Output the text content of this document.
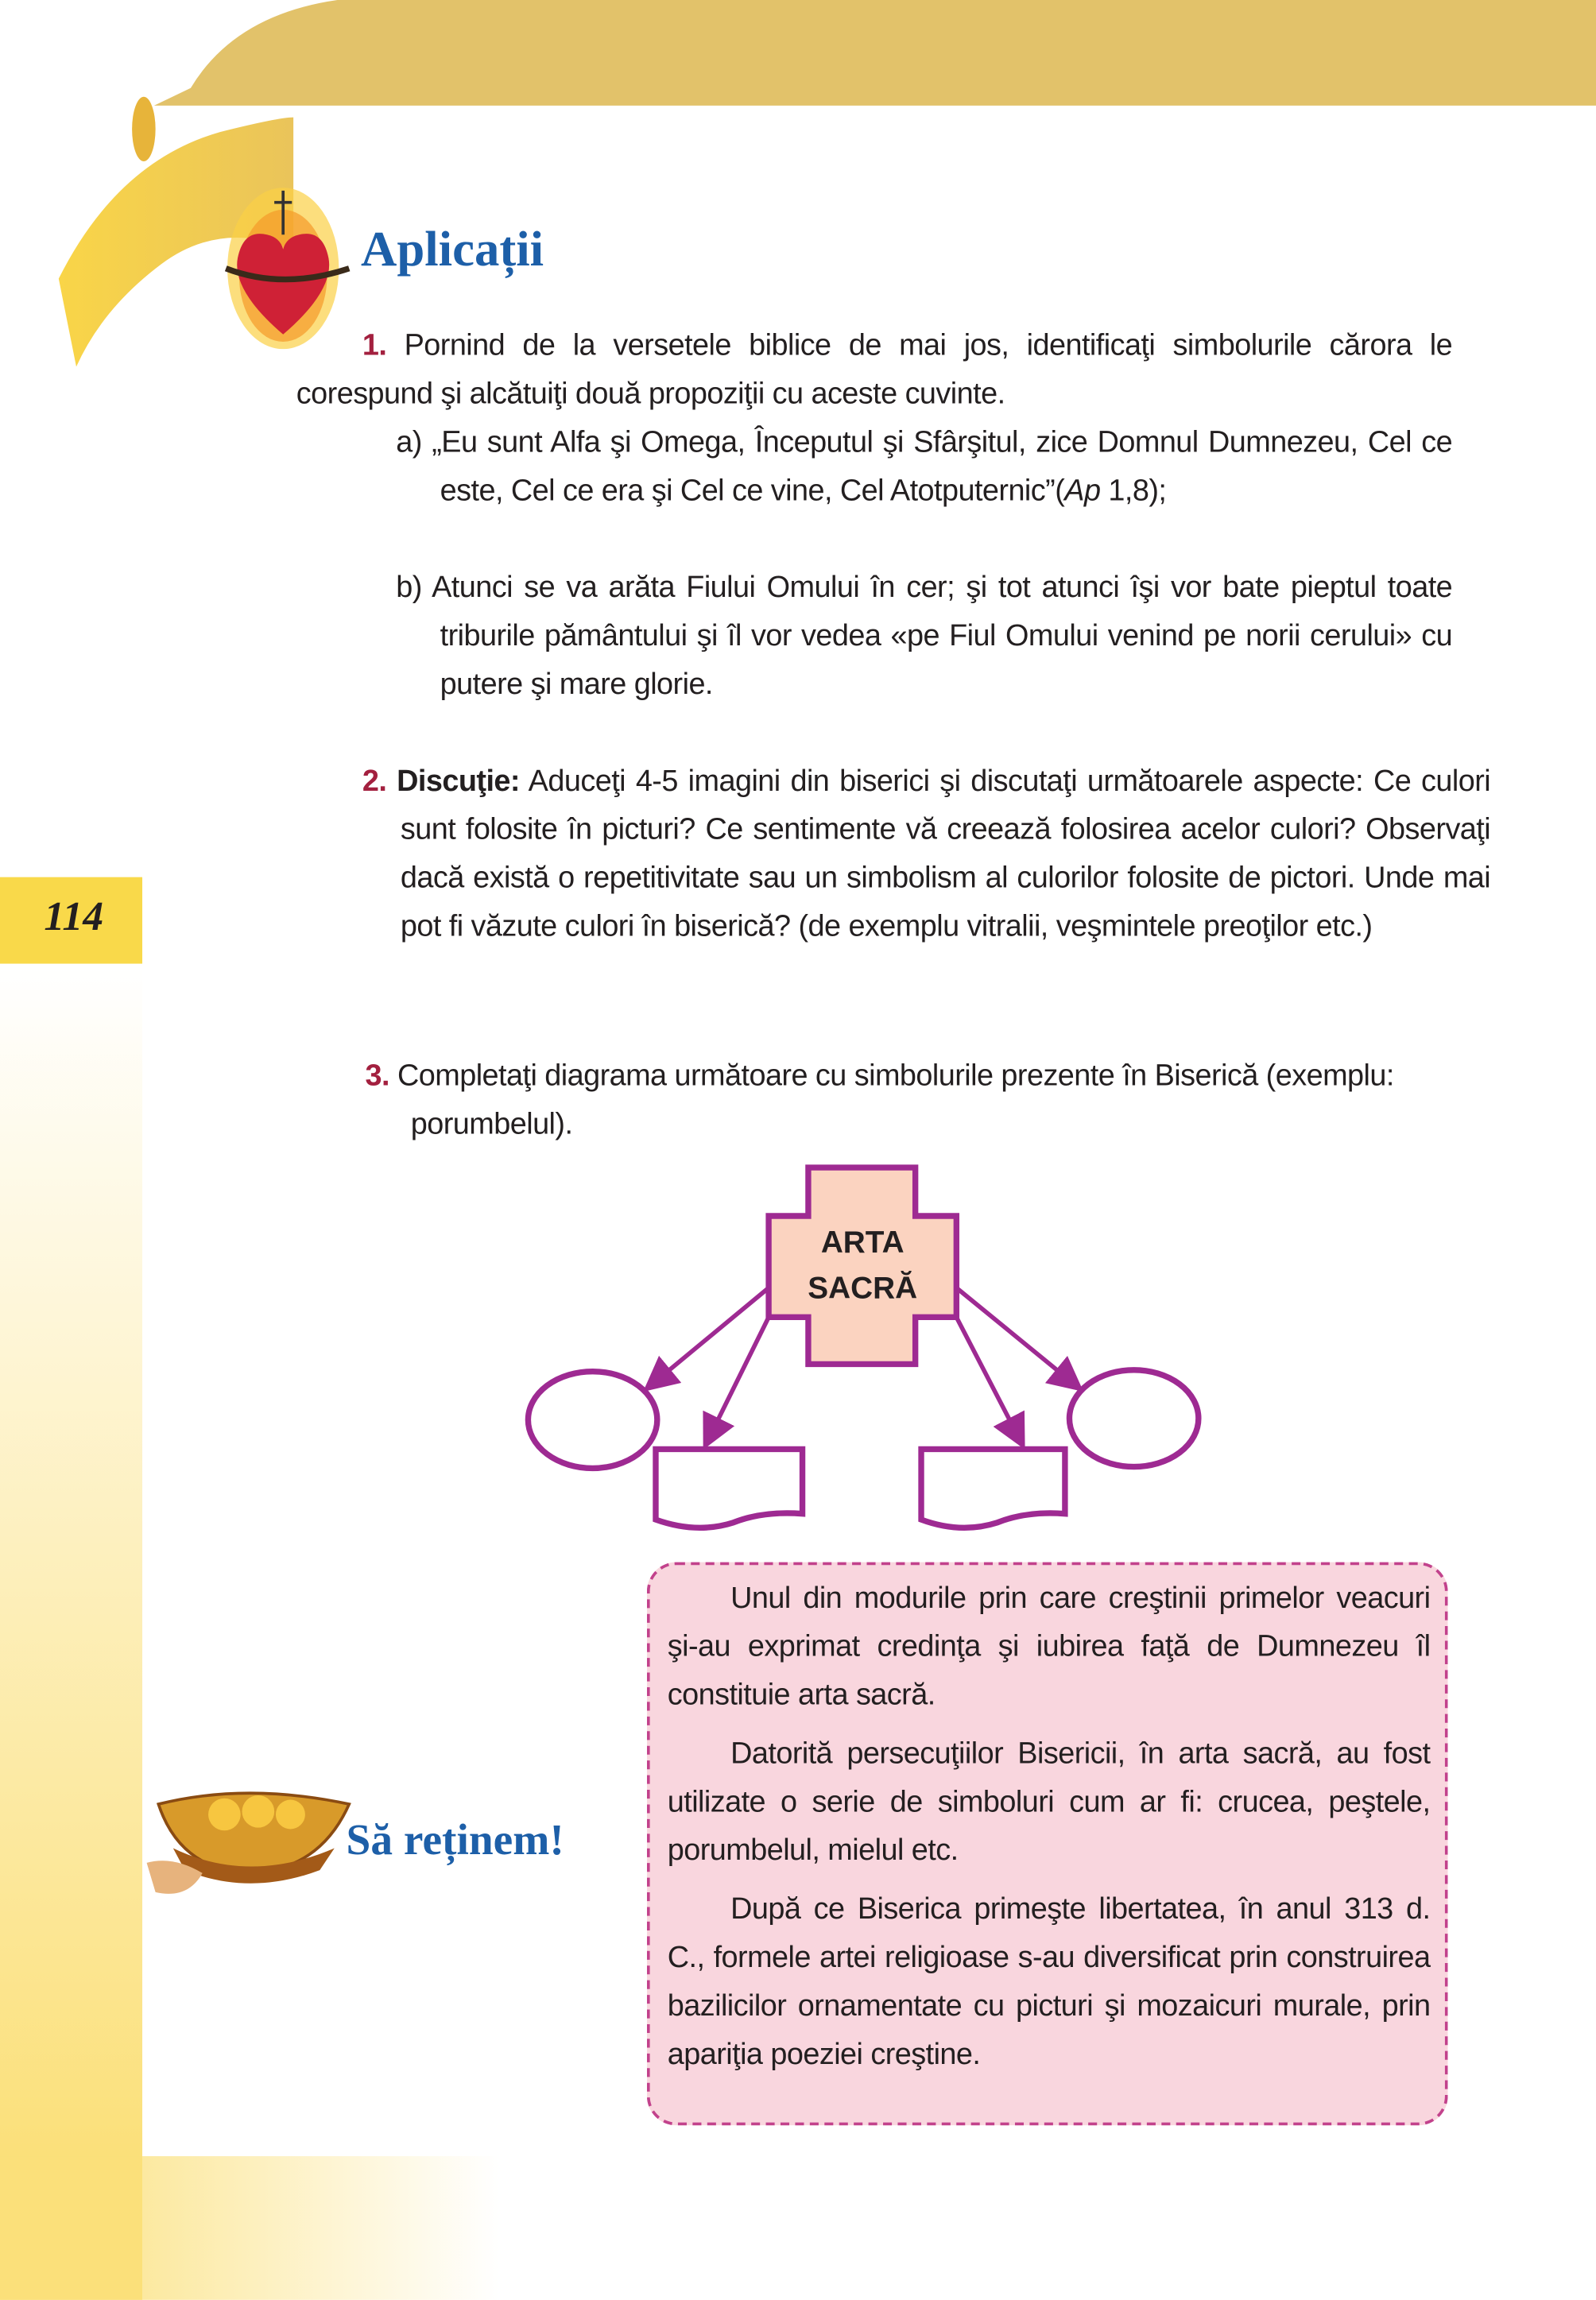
114
Aplicații
1. Pornind de la versetele biblice de mai jos, identificaţi simbolurile cărora le corespund şi alcătuiţi două propoziţii cu aceste cuvinte.
a) „Eu sunt Alfa şi Omega, Începutul şi Sfârşitul, zice Domnul Dumnezeu, Cel ce este, Cel ce era şi Cel ce vine, Cel Atotputernic”(Ap 1,8);
b) Atunci se va arăta Fiului Omului în cer; şi tot atunci îşi vor bate pieptul toate triburile pământului şi îl vor vedea «pe Fiul Omului venind pe norii cerului» cu putere şi mare glorie.
2. Discuţie: Aduceţi 4-5 imagini din biserici şi discutaţi următoarele aspecte: Ce culori sunt folosite în picturi? Ce sentimente vă creează folosirea acelor culori? Observaţi dacă există o repetitivitate sau un simbolism al culorilor folosite de pictori. Unde mai pot fi văzute culori în biserică? (de exemplu vitralii, veşmintele preoţilor etc.)
3. Completaţi diagrama următoare cu simbolurile prezente în Biserică (exemplu: porumbelul).
ARTA
SACRĂ
Să reținem!

Unul din modurile prin care creştinii primelor veacuri şi-au exprimat credinţa şi iubirea faţă de Dumnezeu îl constituie arta sacră.

Datorită persecuţiilor Bisericii, în arta sacră, au fost utilizate o serie de simboluri cum ar fi: crucea, peştele, porumbelul, mielul etc.

După ce Biserica primeşte libertatea, în anul 313 d. C., formele artei religioase s-au diversificat prin construirea bazilicilor ornamentate cu picturi şi mozaicuri murale, prin apariţia poeziei creştine.
